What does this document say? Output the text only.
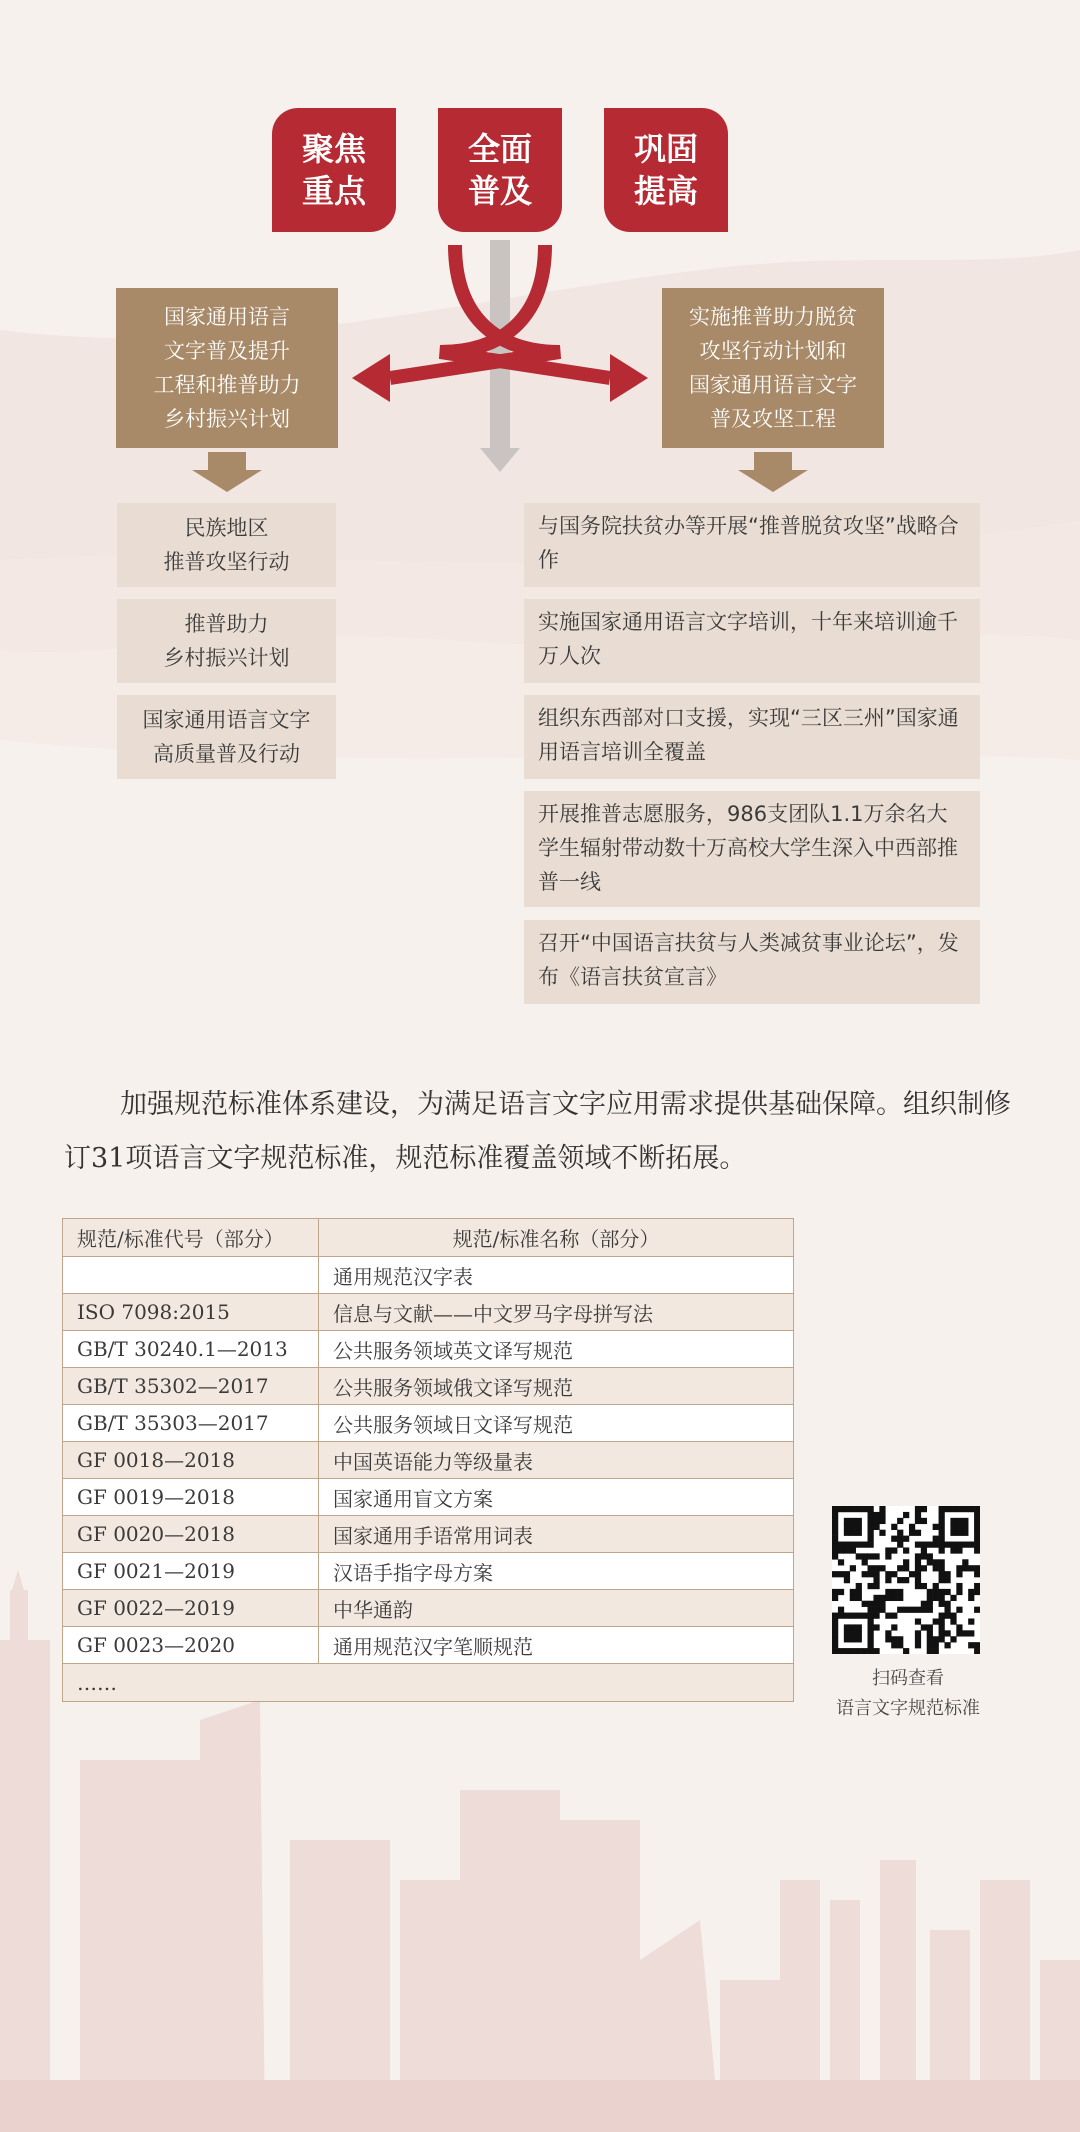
聚焦
重点
全面
普及
巩固
提高
国家通用语言
文字普及提升
工程和推普助力
乡村振兴计划
实施推普助力脱贫
攻坚行动计划和
国家通用语言文字
普及攻坚工程
民族地区
推普攻坚行动
推普助力
乡村振兴计划
国家通用语言文字
高质量普及行动
与国务院扶贫办等开展“推普脱贫攻坚”战略合作
实施国家通用语言文字培训，十年来培训逾千万人次
组织东西部对口支援，实现“三区三州”国家通用语言培训全覆盖
开展推普志愿服务，986支团队1.1万余名大学生辐射带动数十万高校大学生深入中西部推普一线
召开“中国语言扶贫与人类减贫事业论坛”，发布《语言扶贫宣言》
加强规范标准体系建设，为满足语言文字应用需求提供基础保障。组织制修订31项语言文字规范标准，规范标准覆盖领域不断拓展。
规范/标准代号（部分）	规范/标准名称（部分）
	通用规范汉字表
ISO 7098:2015	信息与文献——中文罗马字母拼写法
GB/T 30240.1—2013	公共服务领域英文译写规范
GB/T 35302—2017	公共服务领域俄文译写规范
GB/T 35303—2017	公共服务领域日文译写规范
GF 0018—2018	中国英语能力等级量表
GF 0019—2018	国家通用盲文方案
GF 0020—2018	国家通用手语常用词表
GF 0021—2019	汉语手指字母方案
GF 0022—2019	中华通韵
GF 0023—2020	通用规范汉字笔顺规范
……		扫码查看
语言文字规范标准
